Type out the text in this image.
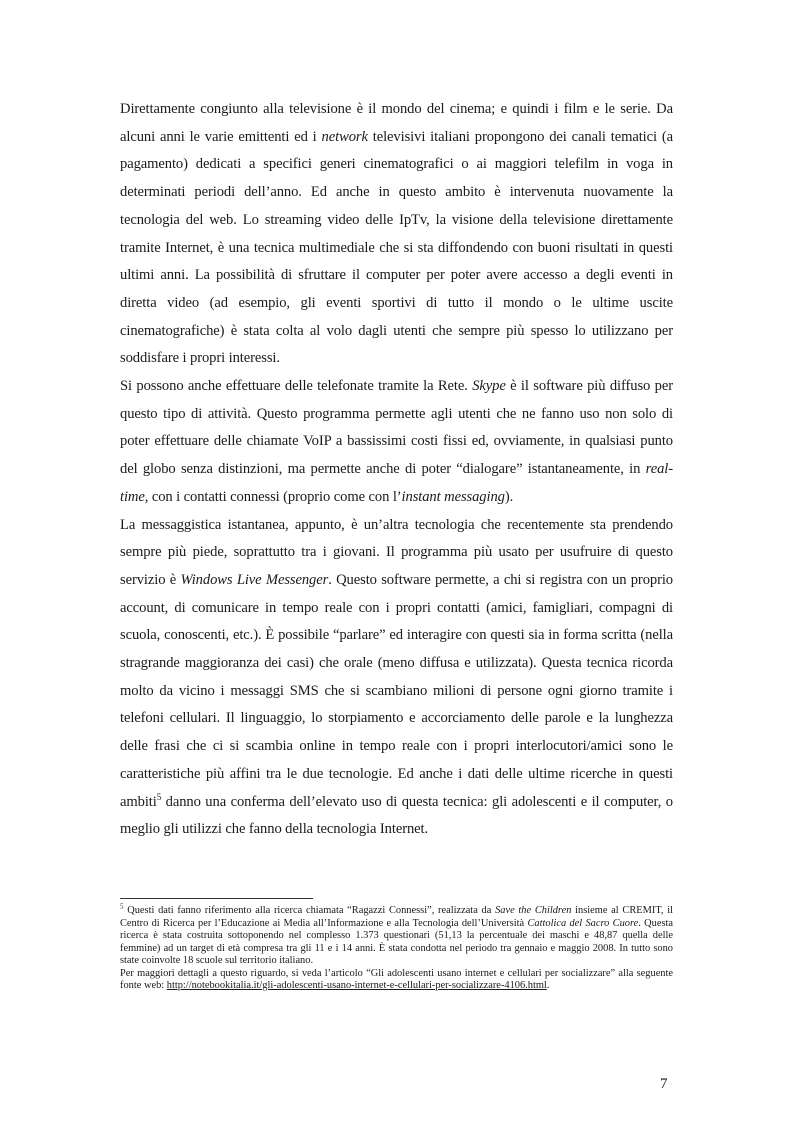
Direttamente congiunto alla televisione è il mondo del cinema; e quindi i film e le serie. Da alcuni anni le varie emittenti ed i network televisivi italiani propongono dei canali tematici (a pagamento) dedicati a specifici generi cinematografici o ai maggiori telefilm in voga in determinati periodi dell’anno. Ed anche in questo ambito è intervenuta nuovamente la tecnologia del web. Lo streaming video delle IpTv, la visione della televisione direttamente tramite Internet, è una tecnica multimediale che si sta diffondendo con buoni risultati in questi ultimi anni. La possibilità di sfruttare il computer per poter avere accesso a degli eventi in diretta video (ad esempio, gli eventi sportivi di tutto il mondo o le ultime uscite cinematografiche) è stata colta al volo dagli utenti che sempre più spesso lo utilizzano per soddisfare i propri interessi.

Si possono anche effettuare delle telefonate tramite la Rete. Skype è il software più diffuso per questo tipo di attività. Questo programma permette agli utenti che ne fanno uso non solo di poter effettuare delle chiamate VoIP a bassissimi costi fissi ed, ovviamente, in qualsiasi punto del globo senza distinzioni, ma permette anche di poter “dialogare” istantaneamente, in real-time, con i contatti connessi (proprio come con l’instant messaging).

La messaggistica istantanea, appunto, è un’altra tecnologia che recentemente sta prendendo sempre più piede, soprattutto tra i giovani. Il programma più usato per usufruire di questo servizio è Windows Live Messenger. Questo software permette, a chi si registra con un proprio account, di comunicare in tempo reale con i propri contatti (amici, famigliari, compagni di scuola, conoscenti, etc.). È possibile “parlare” ed interagire con questi sia in forma scritta (nella stragrande maggioranza dei casi) che orale (meno diffusa e utilizzata). Questa tecnica ricorda molto da vicino i messaggi SMS che si scambiano milioni di persone ogni giorno tramite i telefoni cellulari. Il linguaggio, lo storpiamento e accorciamento delle parole e la lunghezza delle frasi che ci si scambia online in tempo reale con i propri interlocutori/amici sono le caratteristiche più affini tra le due tecnologie. Ed anche i dati delle ultime ricerche in questi ambiti$^5$ danno una conferma dell’elevato uso di questa tecnica: gli adolescenti e il computer, o meglio gli utilizzi che fanno della tecnologia Internet.

$^5$ Questi dati fanno riferimento alla ricerca chiamata “Ragazzi Connessi”, realizzata da Save the Children insieme al CREMIT, il Centro di Ricerca per l’Educazione ai Media all’Informazione e alla Tecnologia dell’Università Cattolica del Sacro Cuore. Questa ricerca è stata costruita sottoponendo nel complesso 1.373 questionari (51,13 la percentuale dei maschi e 48,87 quella delle femmine) ad un target di età compresa tra gli 11 e i 14 anni. È stata condotta nel periodo tra gennaio e maggio 2008. In tutto sono state coinvolte 18 scuole sul territorio italiano.

Per maggiori dettagli a questo riguardo, si veda l’articolo “Gli adolescenti usano internet e cellulari per socializzare” alla seguente fonte web: http://notebookitalia.it/gli-adolescenti-usano-internet-e-cellulari-per-socializzare-4106.html.

7
